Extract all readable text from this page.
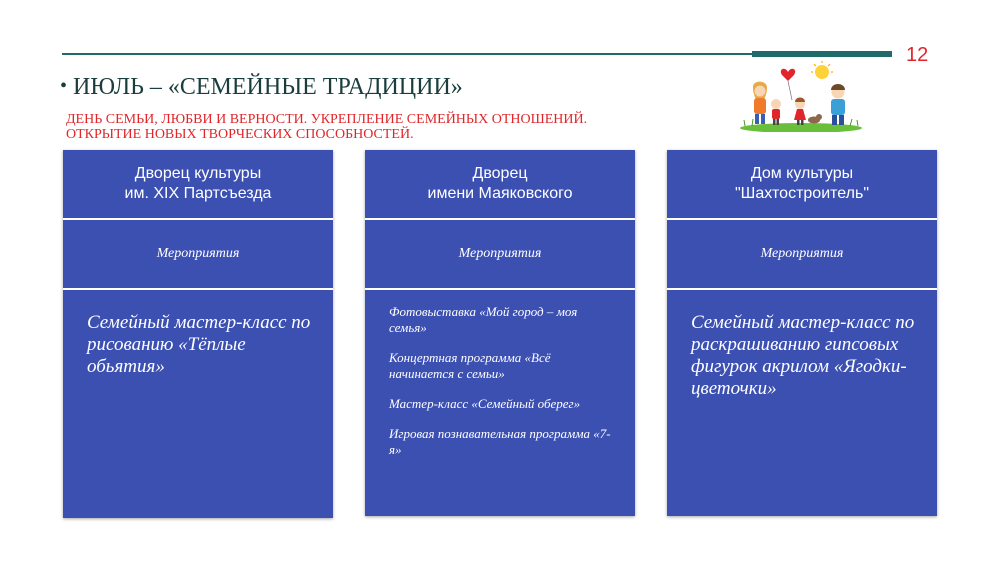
12
• ИЮЛЬ – «СЕМЕЙНЫЕ ТРАДИЦИИ»
ДЕНЬ СЕМЬИ, ЛЮБВИ И ВЕРНОСТИ. УКРЕПЛЕНИЕ СЕМЕЙНЫХ ОТНОШЕНИЙ.
ОТКРЫТИЕ НОВЫХ ТВОРЧЕСКИХ СПОСОБНОСТЕЙ.
Дворец культуры
им. XIX Партсъезда
Мероприятия

Семейный мастер-класс по рисованию «Тёплые обьятия»

Дворец
имени Маяковского
Мероприятия

Фотовыставка «Мой город – моя семья»

Концертная программа «Всё начинается с семьи»

Мастер-класс «Семейный оберег»

Игровая познавательная программа «7-я»

Дом культуры
"Шахтостроитель"
Мероприятия

Семейный мастер-класс по раскрашиванию гипсовых фигурок акрилом «Ягодки-цветочки»
